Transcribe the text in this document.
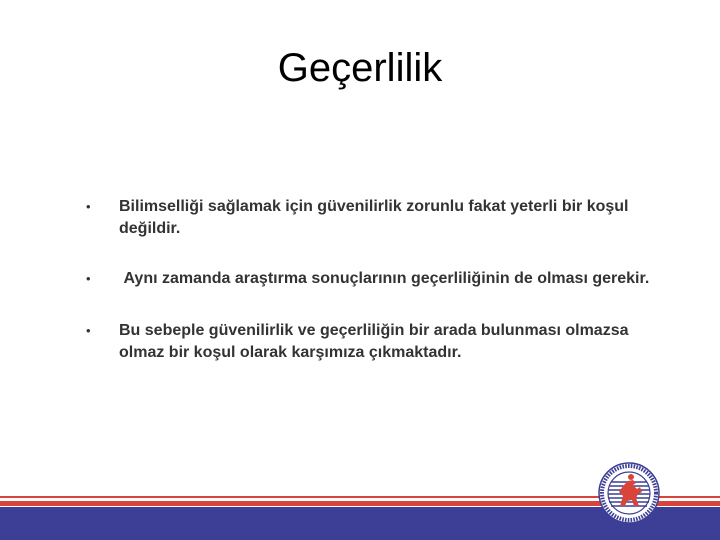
Geçerlilik
•	Bilimselliği sağlamak için güvenilirlik zorunlu fakat yeterli bir koşul değildir.
•	Aynı zamanda araştırma sonuçlarının geçerliliğinin de olması gerekir.
•	Bu sebeple güvenilirlik ve geçerliliğin bir arada bulunması olmazsa olmaz bir koşul olarak karşımıza çıkmaktadır.
